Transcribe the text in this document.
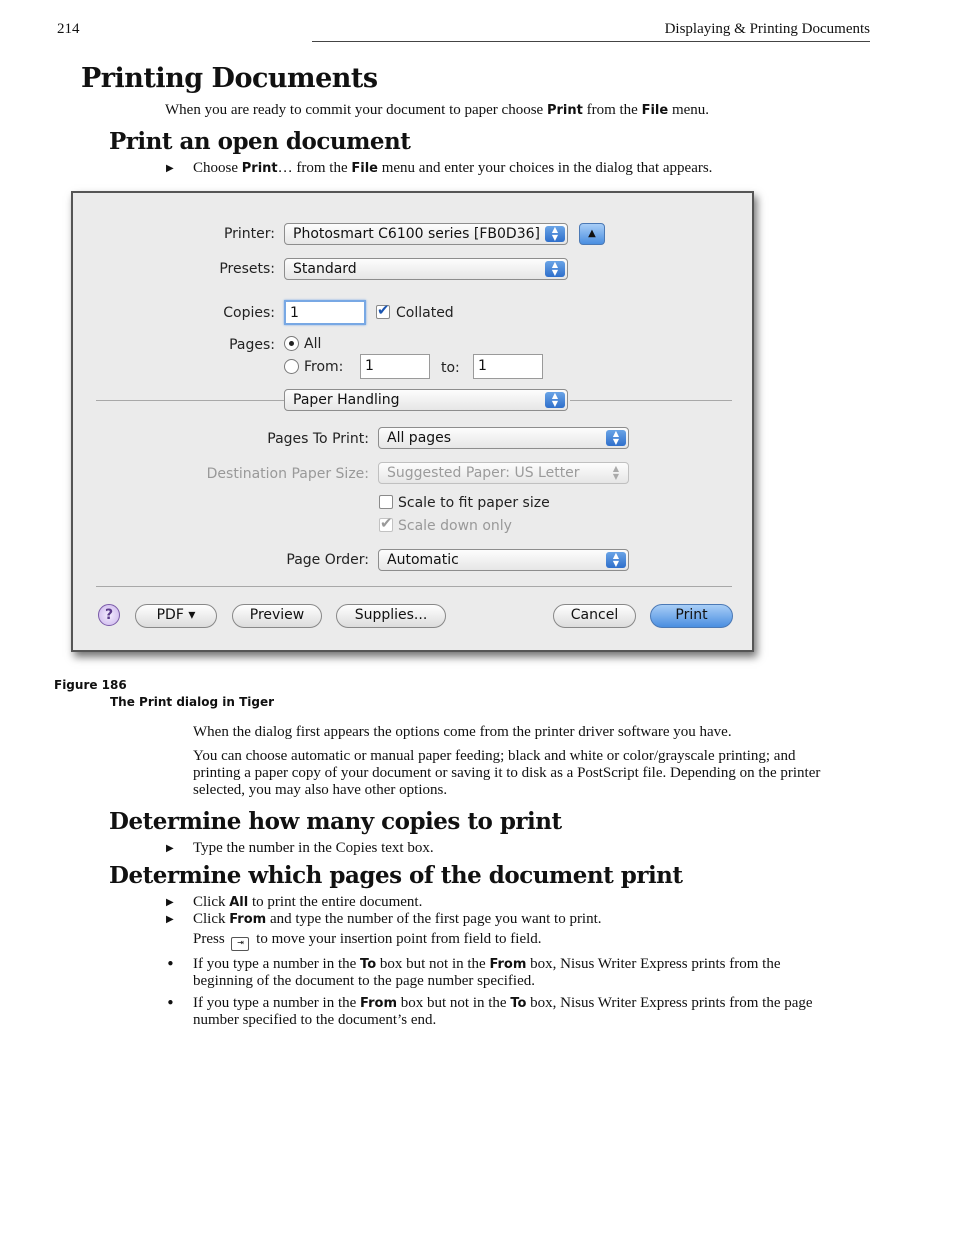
214	Displaying & Printing Documents
Printing Documents
When you are ready to commit your document to paper choose Print from the File menu.
Print an open document
▶ Choose Print… from the File menu and enter your choices in the dialog that appears.
Printer:	Photosmart C6100 series [FB0D36]	▲
▼	▲
Presets:	Standard	▲
▼
Copies:	1	✔ Collated
Pages: All
From:	1	to:	1
Paper Handling	▲
▼
Pages To Print:	All pages	▲
▼
Destination Paper Size:	Suggested Paper: US Letter	▲
▼
Scale to fit paper size
✔ Scale down only
Page Order:	Automatic	▲
▼
?	PDF ▾	Preview	Supplies...	Cancel	Print
Figure 186
The Print dialog in Tiger
When the dialog first appears the options come from the printer driver software you have.
You can choose automatic or manual paper feeding; black and white or color/grayscale printing; and printing a paper copy of your document or saving it to disk as a PostScript file. Depending on the printer selected, you may also have other options.
Determine how many copies to print
▶ Type the number in the Copies text box.
Determine which pages of the document print
▶ Click All to print the entire document.
▶ Click From and type the number of the first page you want to print.
Press ⇥ to move your insertion point from field to field.
• If you type a number in the To box but not in the From box, Nisus Writer Express prints from the beginning of the document to the page number specified.
• If you type a number in the From box but not in the To box, Nisus Writer Express prints from the page number specified to the document’s end.
